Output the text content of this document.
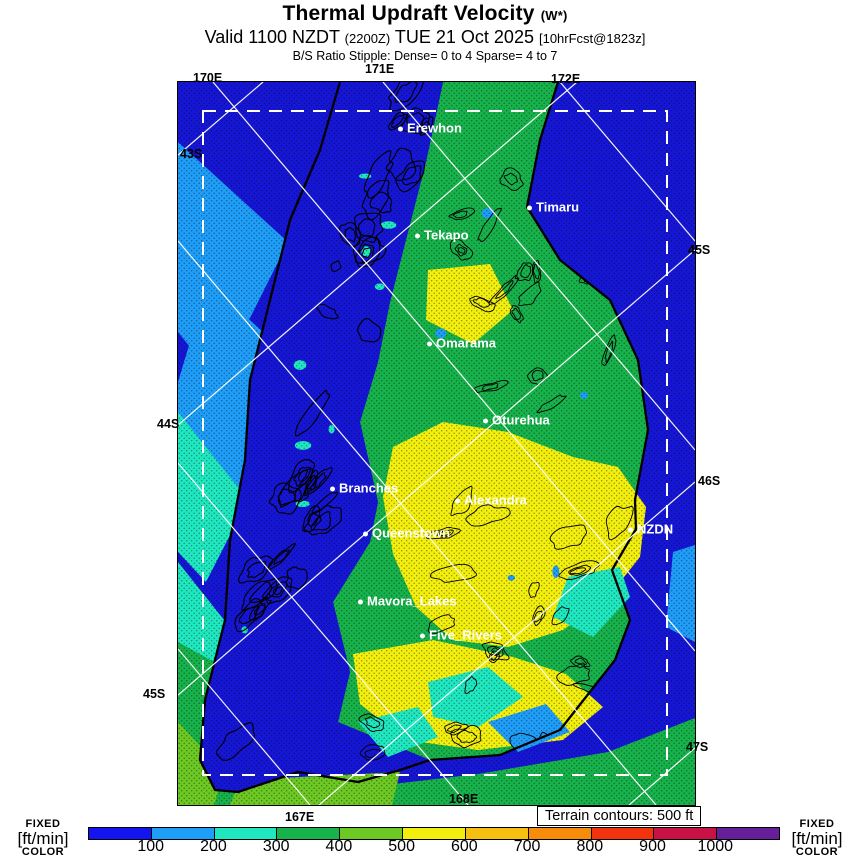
Thermal Updraft Velocity (W*)
Valid 1100 NZDT (2200Z) TUE 21 Oct 2025 [10hrFcst@1823z]
B/S Ratio Stipple: Dense= 0 to 4 Sparse= 4 to 7
Erewhon
Timaru
Tekapo
Omarama
Oturehua
Branches
Alexandra
Queenstown	NZDN
Mavora_Lakes
Five_Rivers
170E
171E
172E
43S
44S
45S
45S
46S
47S
167E
168E
Terrain contours: 500 ft
FIXED
[ft/min]
COLOR	100 200 300 400 500 600 700 800 900 1000
FIXED
[ft/min]
COLOR
